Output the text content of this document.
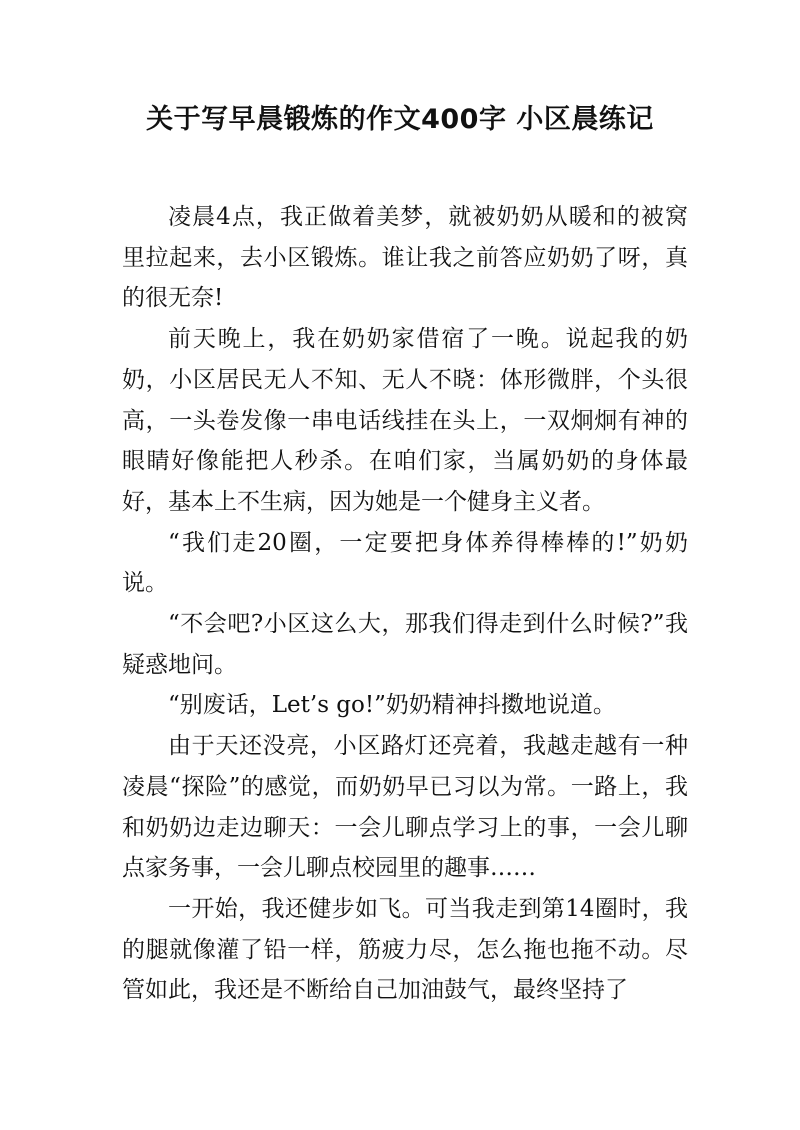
关于写早晨锻炼的作文400字 小区晨练记

凌晨4点，我正做着美梦，就被奶奶从暖和的被窝里拉起来，去小区锻炼。谁让我之前答应奶奶了呀，真的很无奈!

前天晚上，我在奶奶家借宿了一晚。说起我的奶奶，小区居民无人不知、无人不晓：体形微胖，个头很高，一头卷发像一串电话线挂在头上，一双炯炯有神的眼睛好像能把人秒杀。在咱们家，当属奶奶的身体最好，基本上不生病，因为她是一个健身主义者。

“我们走20圈，一定要把身体养得棒棒的!”奶奶说。

“不会吧?小区这么大，那我们得走到什么时候?”我疑惑地问。

“别废话，Let’s go!”奶奶精神抖擞地说道。

由于天还没亮，小区路灯还亮着，我越走越有一种凌晨“探险”的感觉，而奶奶早已习以为常。一路上，我和奶奶边走边聊天：一会儿聊点学习上的事，一会儿聊点家务事，一会儿聊点校园里的趣事……

一开始，我还健步如飞。可当我走到第14圈时，我的腿就像灌了铅一样，筋疲力尽，怎么拖也拖不动。尽管如此，我还是不断给自己加油鼓气，最终坚持了
